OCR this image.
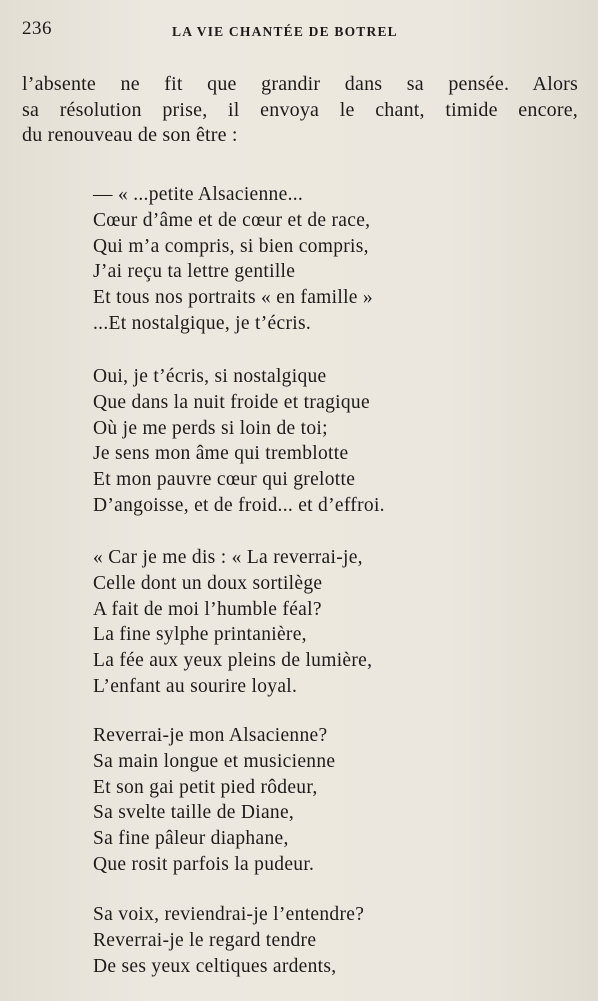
236	LA VIE CHANTÉE DE BOTREL

l’absente ne fit que grandir dans sa pensée. Alors
sa résolution prise, il envoya le chant, timide encore,
du renouveau de son être :

— « ...petite Alsacienne...
Cœur d’âme et de cœur et de race,
Qui m’a compris, si bien compris,
J’ai reçu ta lettre gentille
Et tous nos portraits « en famille »
...Et nostalgique, je t’écris.
Oui, je t’écris, si nostalgique
Que dans la nuit froide et tragique
Où je me perds si loin de toi;
Je sens mon âme qui tremblotte
Et mon pauvre cœur qui grelotte
D’angoisse, et de froid... et d’effroi.
« Car je me dis : « La reverrai-je,
Celle dont un doux sortilège
A fait de moi l’humble féal?
La fine sylphe printanière,
La fée aux yeux pleins de lumière,
L’enfant au sourire loyal.
Reverrai-je mon Alsacienne?
Sa main longue et musicienne
Et son gai petit pied rôdeur,
Sa svelte taille de Diane,
Sa fine pâleur diaphane,
Que rosit parfois la pudeur.
Sa voix, reviendrai-je l’entendre?
Reverrai-je le regard tendre
De ses yeux celtiques ardents,
